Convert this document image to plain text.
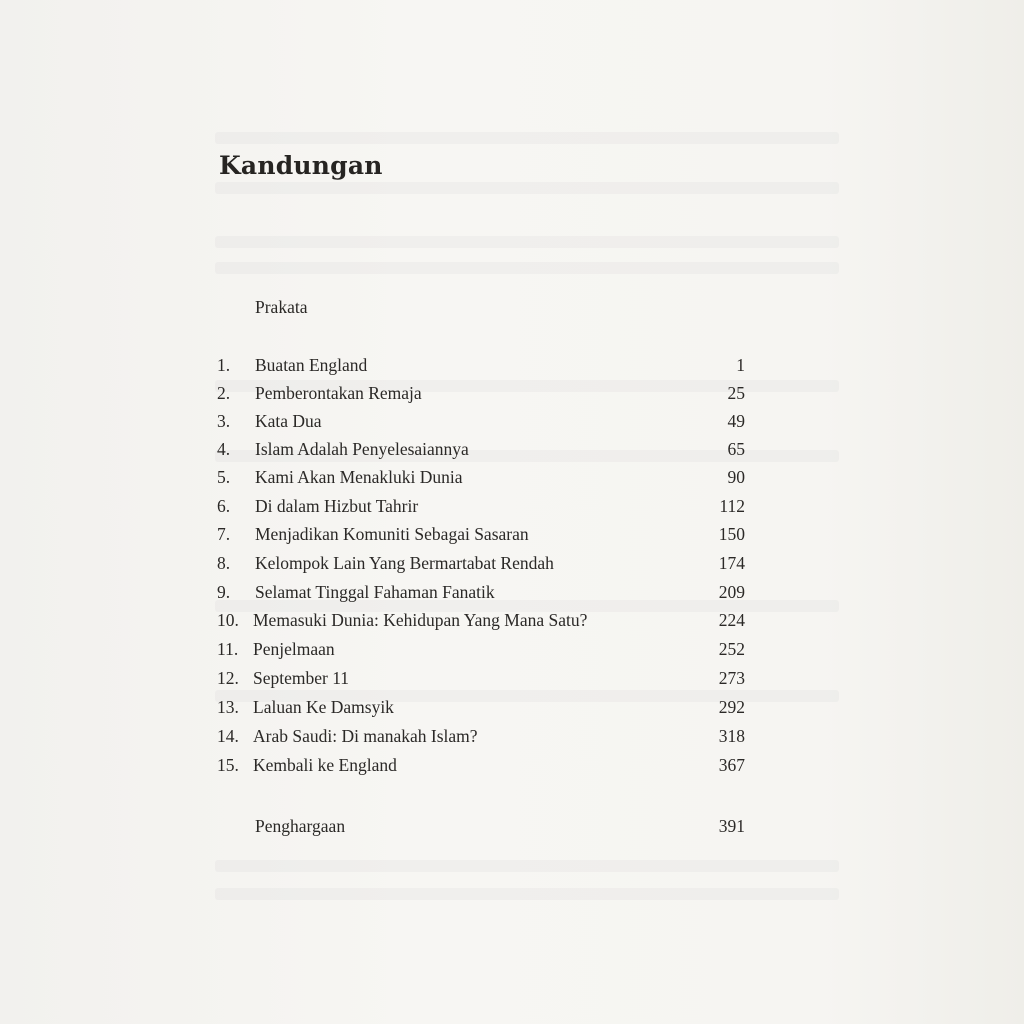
Kandungan
Prakata
1. Buatan England	1
2. Pemberontakan Remaja	25
3. Kata Dua	49
4. Islam Adalah Penyelesaiannya	65
5. Kami Akan Menakluki Dunia	90
6. Di dalam Hizbut Tahrir	112
7. Menjadikan Komuniti Sebagai Sasaran	150
8. Kelompok Lain Yang Bermartabat Rendah	174
9. Selamat Tinggal Fahaman Fanatik	209
10. Memasuki Dunia: Kehidupan Yang Mana Satu?	224
11. Penjelmaan	252
12. September 11	273
13. Laluan Ke Damsyik	292
14. Arab Saudi: Di manakah Islam?	318
15. Kembali ke England	367
Penghargaan	391
